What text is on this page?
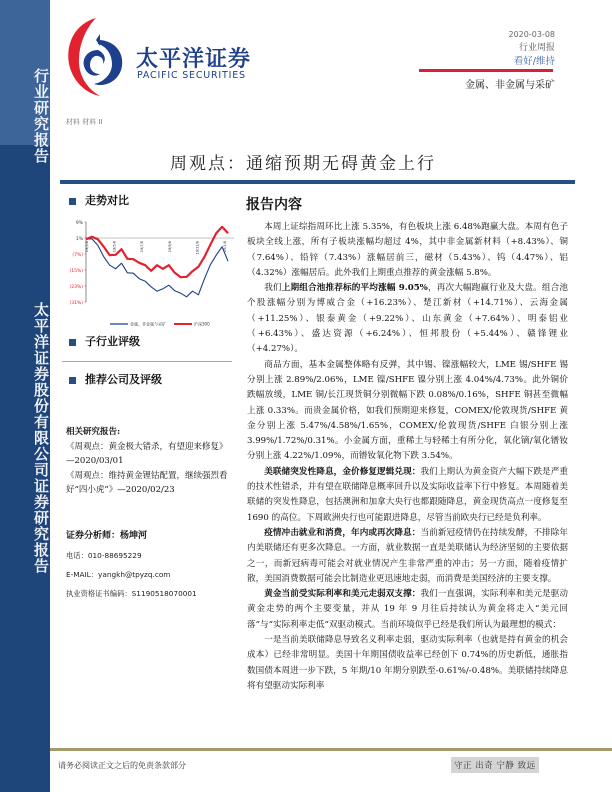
行业研究报告
太平洋证券股份有限公司证券研究报告
太平洋证券
PACIFIC SECURITIES
材料 材料 II
2020-03-08
行业周报
看好/维持
金属、非金属与采矿
周观点：通缩预期无碍黄金上行
走势对比
9%
1%
(7%)
(15%)
(23%)
(31%)
19/3/8	19/5/8	19/7/8	19/9/8	19/11/8	20/1/8
金属、非金属与采矿	沪深300
子行业评级
推荐公司及评级
相关研究报告:
《周观点：黄金极大错杀，有望迎来修复》—2020/03/01
《周观点：维持黄金锂钴配置，继续强烈看好“四小虎”》—2020/02/23
证券分析师：杨坤河
电话：010-88695229
E-MAIL：yangkh@tpyzq.com
执业资格证书编码：S1190518070001
报告内容

本周上证综指周环比上涨 5.35%，有色板块上涨 6.48%跑赢大盘。本周有色子板块全线上涨，所有子板块涨幅均超过 4%，其中非金属新材料（+8.43%）、铜（7.64%）、铅锌（7.43%）涨幅居前三，磁材（5.43%）、钨（4.47%）、铝（4.32%）涨幅居后。此外我们上期重点推荐的黄金涨幅 5.8%。

我们上期组合池推荐标的平均涨幅 9.05%，再次大幅跑赢行业及大盘。组合池个股涨幅分别为博威合金（+16.23%）、楚江新材（+14.71%）、云海金属（+11.25%）、银泰黄金（+9.22%）、山东黄金（+7.64%）、明泰铝业（+6.43%）、盛达资源（+6.24%）、恒邦股份（+5.44%）、赣锋锂业（+4.27%）。

商品方面，基本金属整体略有反弹，其中锡、镍涨幅较大，LME 锡/SHFE 锡分别上涨 2.89%/2.06%，LME 镍/SHFE 镍分别上涨 4.04%/4.73%。此外铜价跌幅放缓，LME 铜/长江现货铜分别微幅下跌 0.08%/0.16%，SHFE 铜甚至微幅上涨 0.33%。而贵金属价格，如我们预期迎来修复，COMEX/伦敦现货/SHFE 黄金分别上涨 5.47%/4.58%/1.65%，COMEX/伦敦现货/SHFE 白银分别上涨 3.99%/1.72%/0.31%。小金属方面，重稀土与轻稀土有所分化，氧化镝/氧化镨钕分别上涨 4.22%/1.09%，而镨钕氧化物下跌 3.54%。

美联储突发性降息，金价修复逻辑兑现：我们上期认为黄金资产大幅下跌是严重的技术性错杀，并有望在联储降息概率回升以及实际收益率下行中修复。本周随着美联储的突发性降息，包括澳洲和加拿大央行也都跟随降息，黄金现货高点一度修复至 1690 的高位。下周欧洲央行也可能跟进降息，尽管当前欧央行已经是负利率。

疫情冲击就业和消费，年内或再次降息：当前新冠疫情仍在持续发酵，不排除年内美联储还有更多次降息。一方面，就业数据一直是美联储认为经济坚韧的主要依据之一，而新冠病毒可能会对就业情况产生非常严重的冲击；另一方面，随着疫情扩散，美国消费数据可能会比制造业更迅速地走弱，而消费是美国经济的主要支撑。

黄金当前受实际利率和美元走弱双支撑：我们一直强调，实际利率和美元是驱动黄金走势的两个主要变量，并从 19 年 9 月往后持续认为黄金将走入“美元回落”与“实际利率走低”双驱动模式。当前环境似乎已经是我们所认为最理想的模式：

一是当前美联储降息导致名义利率走弱，驱动实际利率（也就是持有黄金的机会成本）已经非常明显。美国十年期国债收益率已经创下 0.74%的历史新低，通胀指数国债本周进一步下跌，5 年期/10 年期分别跌至-0.61%/-0.48%。美联储持续降息将有望驱动实际利率

请务必阅读正文之后的免责条款部分	守正 出奇 宁静 致远
